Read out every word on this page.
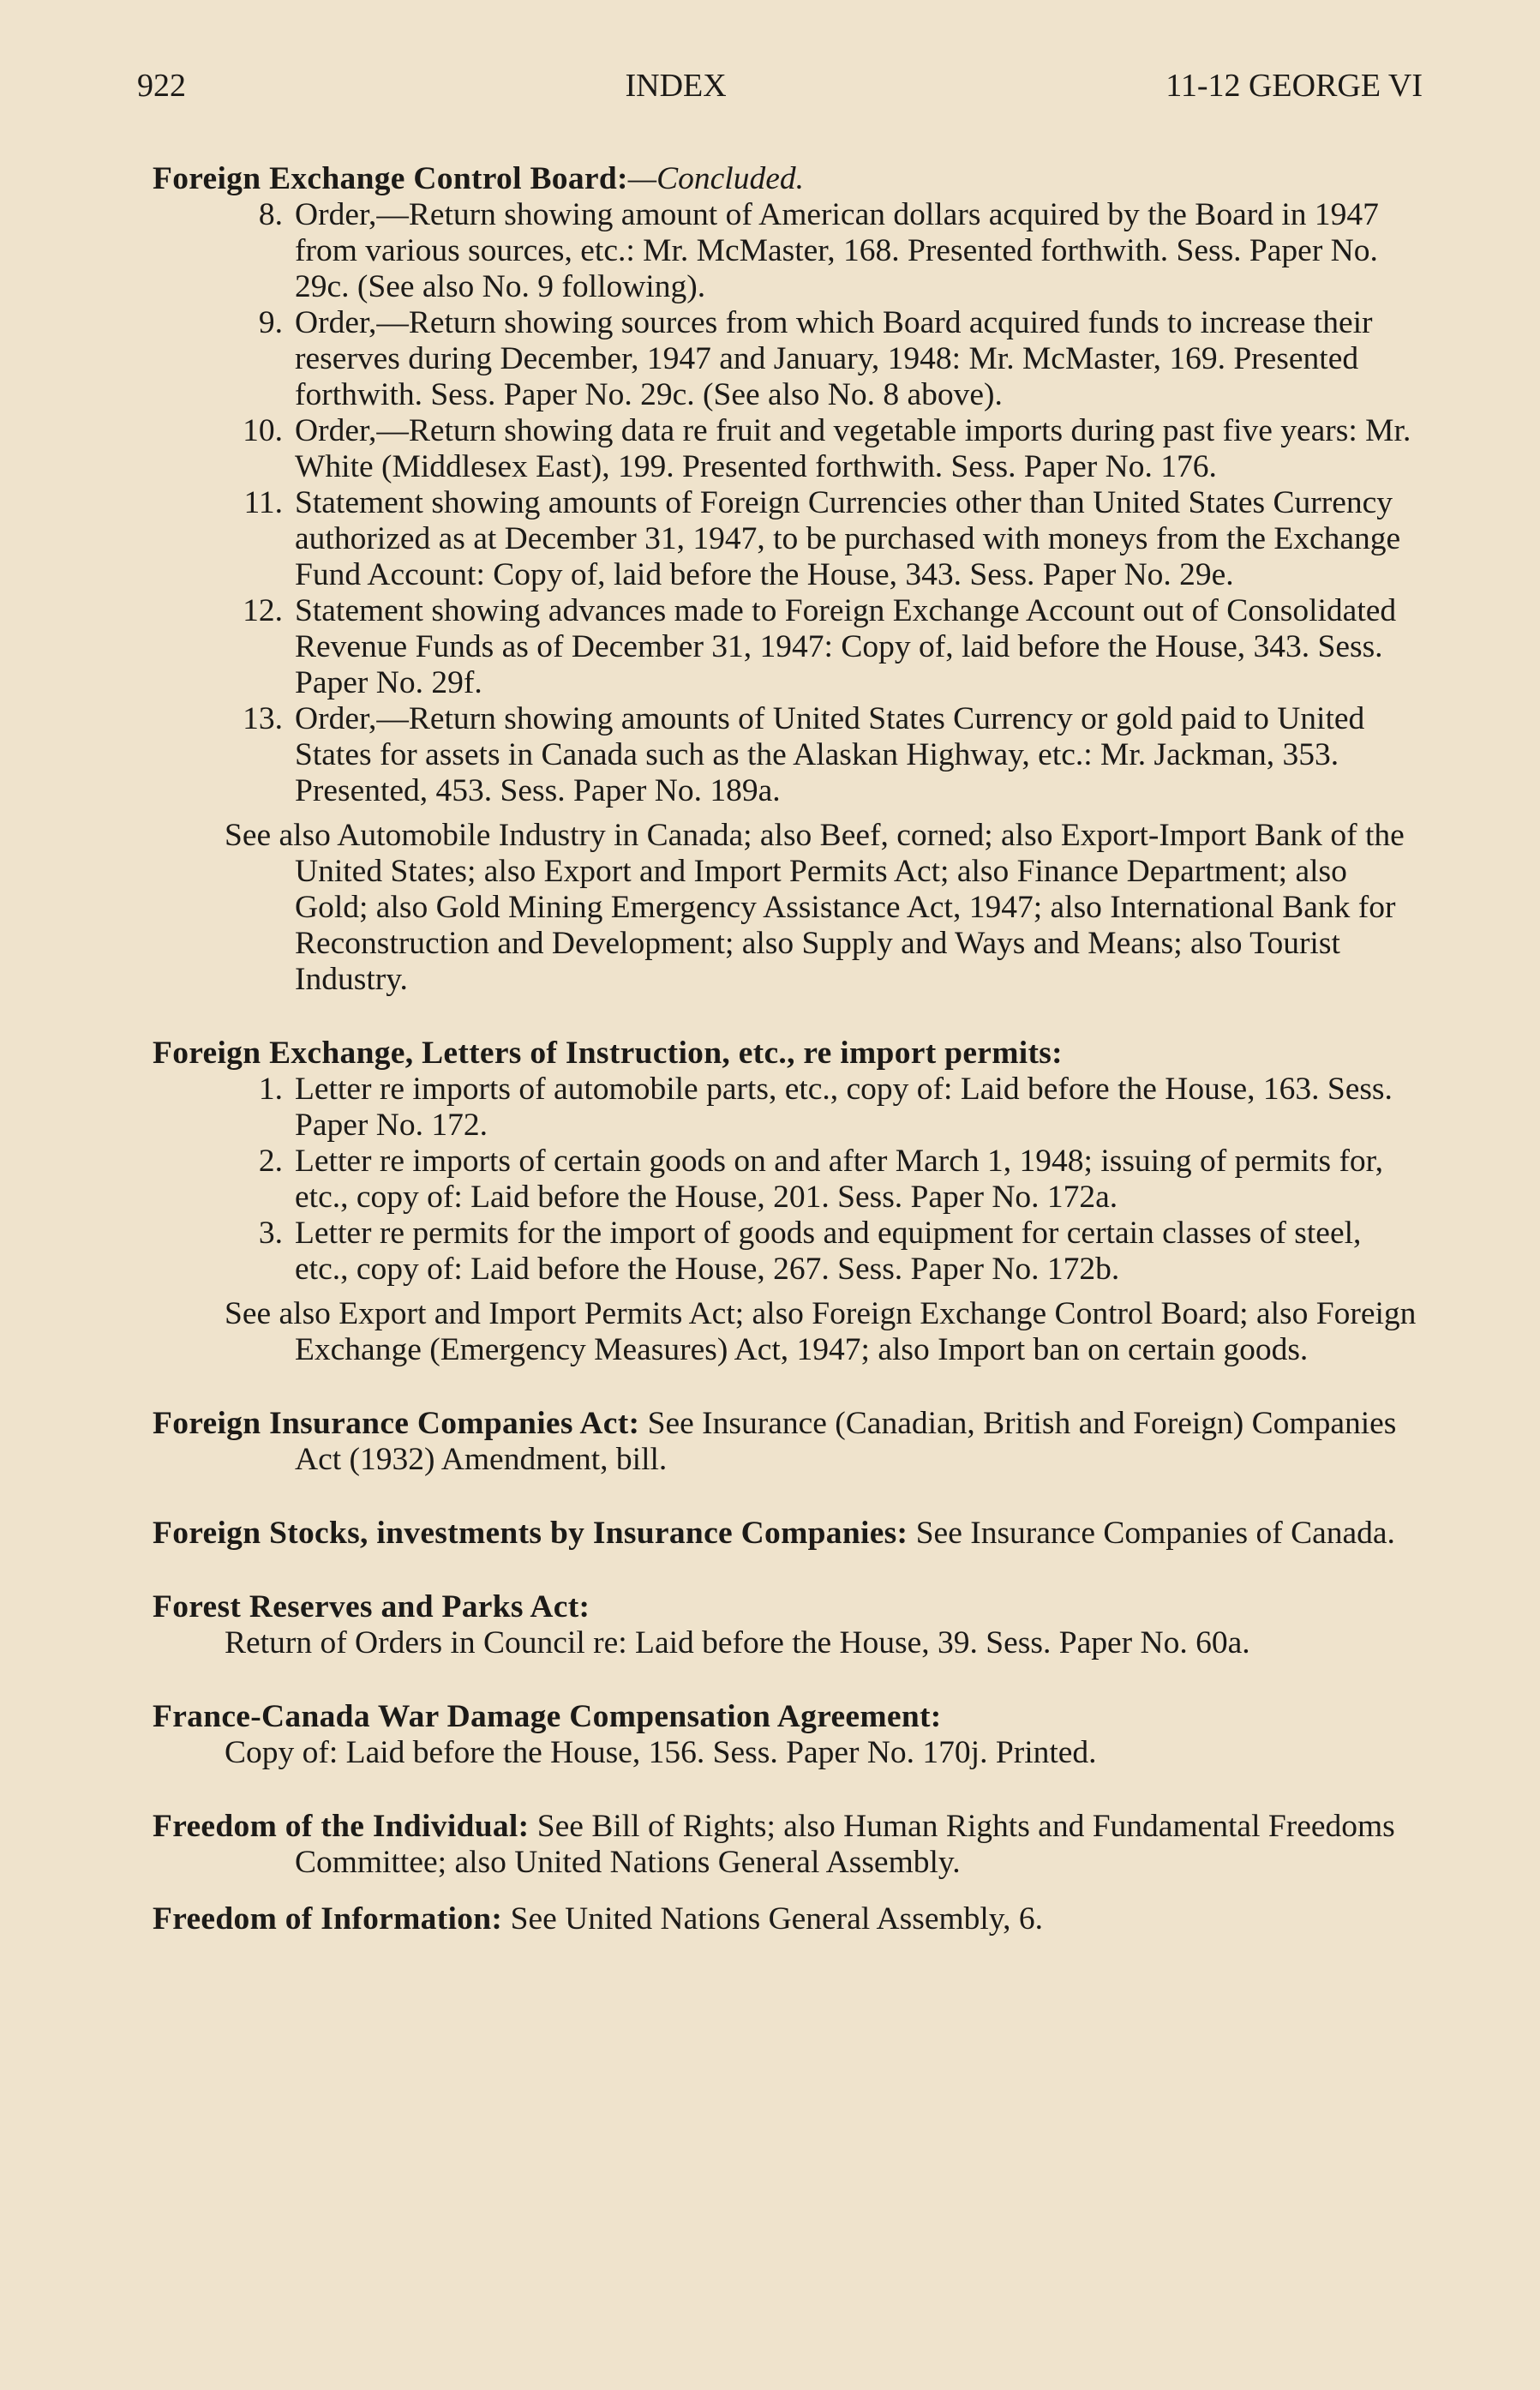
922	INDEX	11-12 GEORGE VI
Foreign Exchange Control Board:—Concluded.
8. Order,—Return showing amount of American dollars acquired by the Board in 1947 from various sources, etc.: Mr. McMaster, 168. Presented forthwith. Sess. Paper No. 29c. (See also No. 9 following).
9. Order,—Return showing sources from which Board acquired funds to increase their reserves during December, 1947 and January, 1948: Mr. McMaster, 169. Presented forthwith. Sess. Paper No. 29c. (See also No. 8 above).
10. Order,—Return showing data re fruit and vegetable imports during past five years: Mr. White (Middlesex East), 199. Presented forthwith. Sess. Paper No. 176.
11. Statement showing amounts of Foreign Currencies other than United States Currency authorized as at December 31, 1947, to be purchased with moneys from the Exchange Fund Account: Copy of, laid before the House, 343. Sess. Paper No. 29e.
12. Statement showing advances made to Foreign Exchange Account out of Consolidated Revenue Funds as of December 31, 1947: Copy of, laid before the House, 343. Sess. Paper No. 29f.
13. Order,—Return showing amounts of United States Currency or gold paid to United States for assets in Canada such as the Alaskan Highway, etc.: Mr. Jackman, 353. Presented, 453. Sess. Paper No. 189a.
See also Automobile Industry in Canada; also Beef, corned; also Export-Import Bank of the United States; also Export and Import Permits Act; also Finance Department; also Gold; also Gold Mining Emergency Assistance Act, 1947; also International Bank for Reconstruction and Development; also Supply and Ways and Means; also Tourist Industry.
Foreign Exchange, Letters of Instruction, etc., re import permits:
1. Letter re imports of automobile parts, etc., copy of: Laid before the House, 163. Sess. Paper No. 172.
2. Letter re imports of certain goods on and after March 1, 1948; issuing of permits for, etc., copy of: Laid before the House, 201. Sess. Paper No. 172a.
3. Letter re permits for the import of goods and equipment for certain classes of steel, etc., copy of: Laid before the House, 267. Sess. Paper No. 172b.
See also Export and Import Permits Act; also Foreign Exchange Control Board; also Foreign Exchange (Emergency Measures) Act, 1947; also Import ban on certain goods.
Foreign Insurance Companies Act: See Insurance (Canadian, British and Foreign) Companies Act (1932) Amendment, bill.
Foreign Stocks, investments by Insurance Companies: See Insurance Companies of Canada.
Forest Reserves and Parks Act:
Return of Orders in Council re: Laid before the House, 39. Sess. Paper No. 60a.
France-Canada War Damage Compensation Agreement:
Copy of: Laid before the House, 156. Sess. Paper No. 170j. Printed.
Freedom of the Individual: See Bill of Rights; also Human Rights and Fundamental Freedoms Committee; also United Nations General Assembly.
Freedom of Information: See United Nations General Assembly, 6.
